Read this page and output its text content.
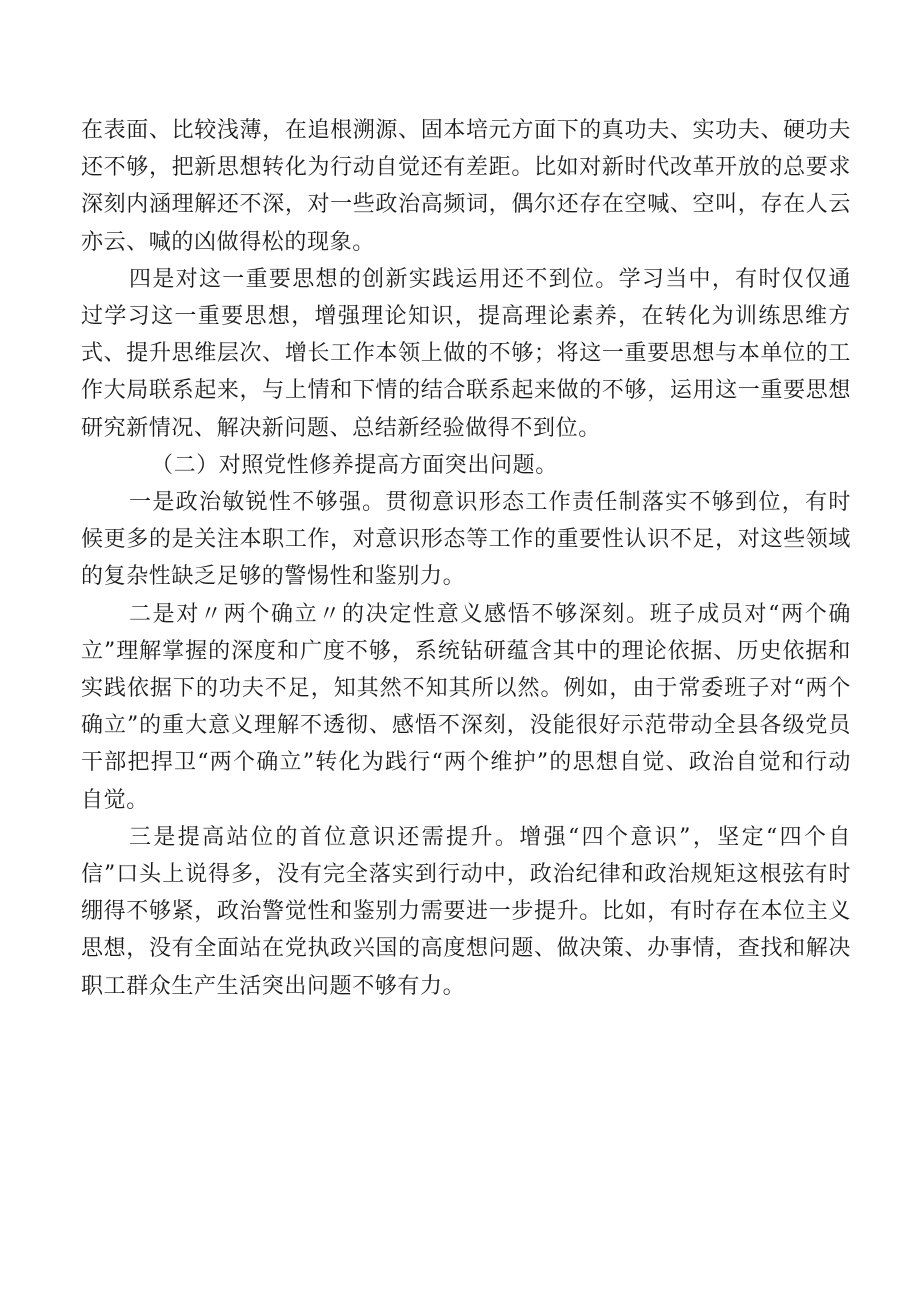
在表面、比较浅薄，在追根溯源、固本培元方面下的真功夫、实功夫、硬功夫还不够，把新思想转化为行动自觉还有差距。比如对新时代改革开放的总要求深刻内涵理解还不深，对一些政治高频词，偶尔还存在空喊、空叫，存在人云亦云、喊的凶做得松的现象。

四是对这一重要思想的创新实践运用还不到位。学习当中，有时仅仅通过学习这一重要思想，增强理论知识，提高理论素养，在转化为训练思维方式、提升思维层次、增长工作本领上做的不够；将这一重要思想与本单位的工作大局联系起来，与上情和下情的结合联系起来做的不够，运用这一重要思想研究新情况、解决新问题、总结新经验做得不到位。

（二）对照党性修养提高方面突出问题。

一是政治敏锐性不够强。贯彻意识形态工作责任制落实不够到位，有时候更多的是关注本职工作，对意识形态等工作的重要性认识不足，对这些领域的复杂性缺乏足够的警惕性和鉴别力。

二是对〃两个确立〃的决定性意义感悟不够深刻。班子成员对“两个确立”理解掌握的深度和广度不够，系统钻研蕴含其中的理论依据、历史依据和实践依据下的功夫不足，知其然不知其所以然。例如，由于常委班子对“两个确立”的重大意义理解不透彻、感悟不深刻，没能很好示范带动全县各级党员干部把捍卫“两个确立”转化为践行“两个维护”的思想自觉、政治自觉和行动自觉。

三是提高站位的首位意识还需提升。增强“四个意识”，坚定“四个自信”口头上说得多，没有完全落实到行动中，政治纪律和政治规矩这根弦有时绷得不够紧，政治警觉性和鉴别力需要进一步提升。比如，有时存在本位主义思想，没有全面站在党执政兴国的高度想问题、做决策、办事情，查找和解决职工群众生产生活突出问题不够有力。
